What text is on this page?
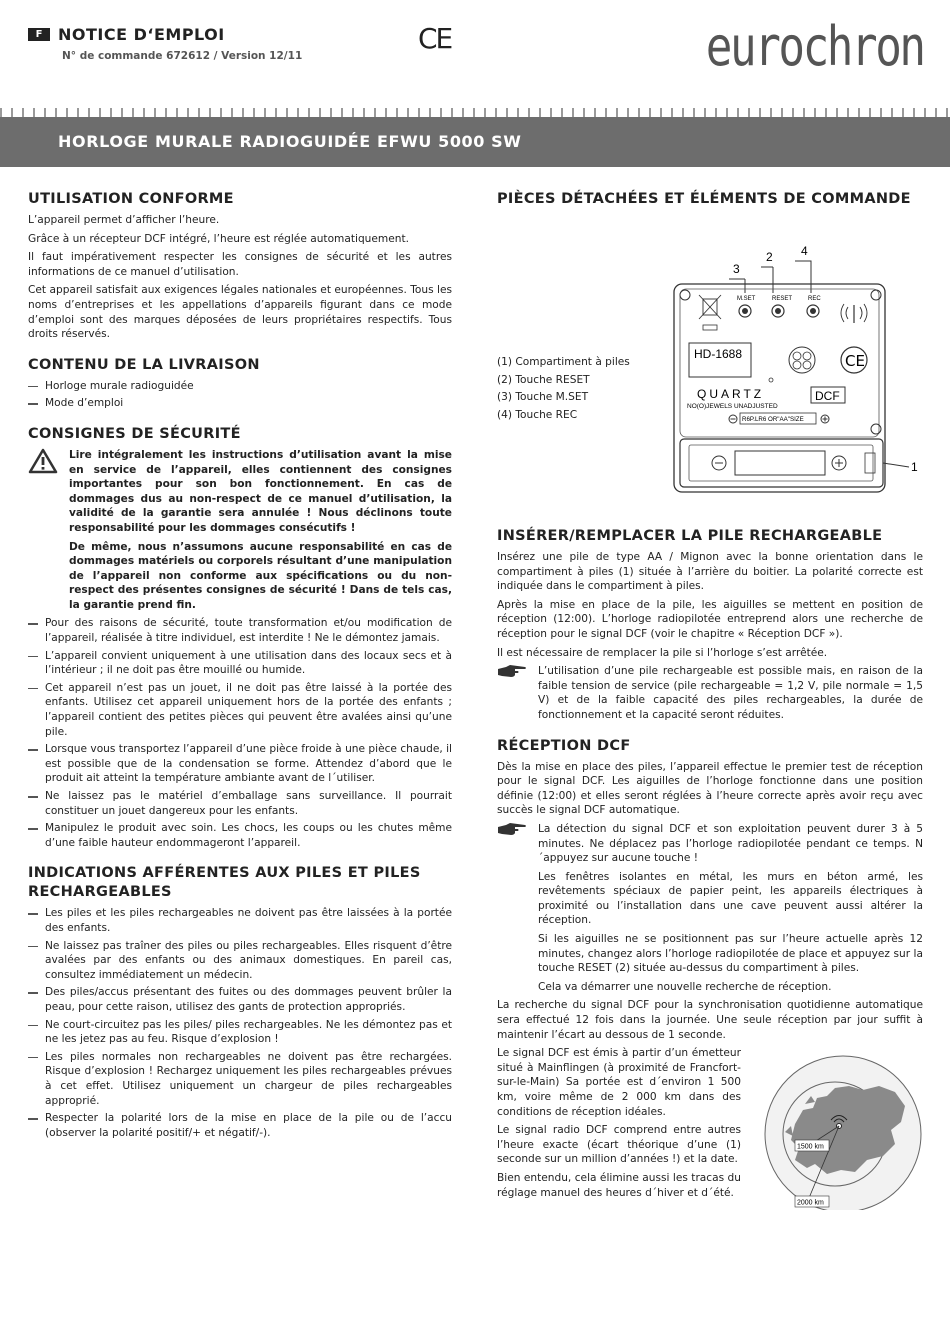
F NOTICE D‘EMPLOI
N° de commande 672612 / Version 12/11
CE	eurochron
HORLOGE MURALE RADIOGUIDÉE EFWU 5000 SW
UTILISATION CONFORME

L’appareil permet d’afficher l’heure.

Grâce à un récepteur DCF intégré, l’heure est réglée automatiquement.

Il faut impérativement respecter les consignes de sécurité et les autres informations de ce manuel d’utilisation.

Cet appareil satisfait aux exigences légales nationales et européennes. Tous les noms d’entreprises et les appellations d’appareils figurant dans ce mode d’emploi sont des marques déposées de leurs propriétaires respectifs. Tous droits réservés.

CONTENU DE LA LIVRAISON
Horloge murale radioguidée
Mode d’emploi
CONSIGNES DE SÉCURITÉ

Lire intégralement les instructions d’utilisation avant la mise en service de l’appareil, elles contiennent des consignes importantes pour son bon fonctionnement. En cas de dommages dus au non-respect de ce manuel d’utilisation, la validité de la garantie sera annulée ! Nous déclinons toute responsabilité pour les dommages consécutifs !

De même, nous n’assumons aucune responsabilité en cas de dommages matériels ou corporels résultant d’une manipulation de l’appareil non conforme aux spécifications ou du non-respect des présentes consignes de sécurité ! Dans de tels cas, la garantie prend fin.

Pour des raisons de sécurité, toute transformation et/ou modification de l’appareil, réalisée à titre individuel, est interdite ! Ne le démontez jamais.
L’appareil convient uniquement à une utilisation dans des locaux secs et à l’intérieur ; il ne doit pas être mouillé ou humide.
Cet appareil n’est pas un jouet, il ne doit pas être laissé à la portée des enfants. Utilisez cet appareil uniquement hors de la portée des enfants ; l’appareil contient des petites pièces qui peuvent être avalées ainsi qu’une pile.
Lorsque vous transportez l’appareil d’une pièce froide à une pièce chaude, il est possible que de la condensation se forme. Attendez d’abord que le produit ait atteint la température ambiante avant de l´utiliser.
Ne laissez pas le matériel d’emballage sans surveillance. Il pourrait constituer un jouet dangereux pour les enfants.
Manipulez le produit avec soin. Les chocs, les coups ou les chutes même d’une faible hauteur endommageront l’appareil.
INDICATIONS AFFÉRENTES AUX PILES ET PILES RECHARGEABLES
Les piles et les piles rechargeables ne doivent pas être laissées à la portée des enfants.
Ne laissez pas traîner des piles ou piles rechargeables. Elles risquent d’être avalées par des enfants ou des animaux domestiques. En pareil cas, consultez immédiatement un médecin.
Des piles/accus présentant des fuites ou des dommages peuvent brûler la peau, pour cette raison, utilisez des gants de protection appropriés.
Ne court-circuitez pas les piles/ piles rechargeables. Ne les démontez pas et ne les jetez pas au feu. Risque d’explosion !
Les piles normales non rechargeables ne doivent pas être rechargées. Risque d’explosion ! Rechargez uniquement les piles rechargeables prévues à cet effet. Utilisez uniquement un chargeur de piles rechargeables approprié.
Respecter la polarité lors de la mise en place de la pile ou de l’accu (observer la polarité positif/+ et négatif/-).
PIÈCES DÉTACHÉES ET ÉLÉMENTS DE COMMANDE
(1) Compartiment à piles
(2) Touche RESET
(3) Touche M.SET
(4) Touche REC
3
2 4
1
M.SET	RESET	REC
HD-1688	CE
QUARTZ
NO(O)JEWELS UNADJUSTED
DCF
R6P.LR6 OR"AA"SIZE
INSÉRER/REMPLACER LA PILE RECHARGEABLE

Insérez une pile de type AA / Mignon avec la bonne orientation dans le compartiment à piles (1) située à l’arrière du boitier. La polarité correcte est indiquée dans le compartiment à piles.

Après la mise en place de la pile, les aiguilles se mettent en position de réception (12:00). L’horloge radiopilotée entreprend alors une recherche de réception pour le signal DCF (voir le chapitre « Réception DCF »).

Il est nécessaire de remplacer la pile si l’horloge s’est arrêtée.

L’utilisation d’une pile rechargeable est possible mais, en raison de la faible tension de service (pile rechargeable = 1,2 V, pile normale = 1,5 V) et de la faible capacité des piles rechargeables, la durée de fonctionnement et la capacité seront réduites.

RÉCEPTION DCF

Dès la mise en place des piles, l’appareil effectue le premier test de réception pour le signal DCF. Les aiguilles de l’horloge fonctionne dans une position définie (12:00) et elles seront réglées à l’heure correcte après avoir reçu avec succès le signal DCF automatique.

La détection du signal DCF et son exploitation peuvent durer 3 à 5 minutes. Ne déplacez pas l’horloge radiopilotée pendant ce temps. N´appuyez sur aucune touche !

Les fenêtres isolantes en métal, les murs en béton armé, les revêtements spéciaux de papier peint, les appareils électriques à proximité ou l’installation dans une cave peuvent aussi altérer la réception.

Si les aiguilles ne se positionnent pas sur l’heure actuelle après 12 minutes, changez alors l’horloge radiopilotée de place et appuyez sur la touche RESET (2) située au-dessus du compartiment à piles.

Cela va démarrer une nouvelle recherche de réception.

La recherche du signal DCF pour la synchronisation quotidienne automatique sera effectué 12 fois dans la journée. Une seule réception par jour suffit à maintenir l’écart au dessous de 1 seconde.

Le signal DCF est émis à partir d’un émetteur situé à Mainflingen (à proximité de Francfort-sur-le-Main) Sa portée est d´environ 1 500 km, voire même de 2 000 km dans des conditions de réception idéales.

Le signal radio DCF comprend entre autres l’heure exacte (écart théorique d’une (1) seconde sur un million d’années !) et la date.

Bien entendu, cela élimine aussi les tracas du réglage manuel des heures d´hiver et d´été.

1500 km
2000 km
